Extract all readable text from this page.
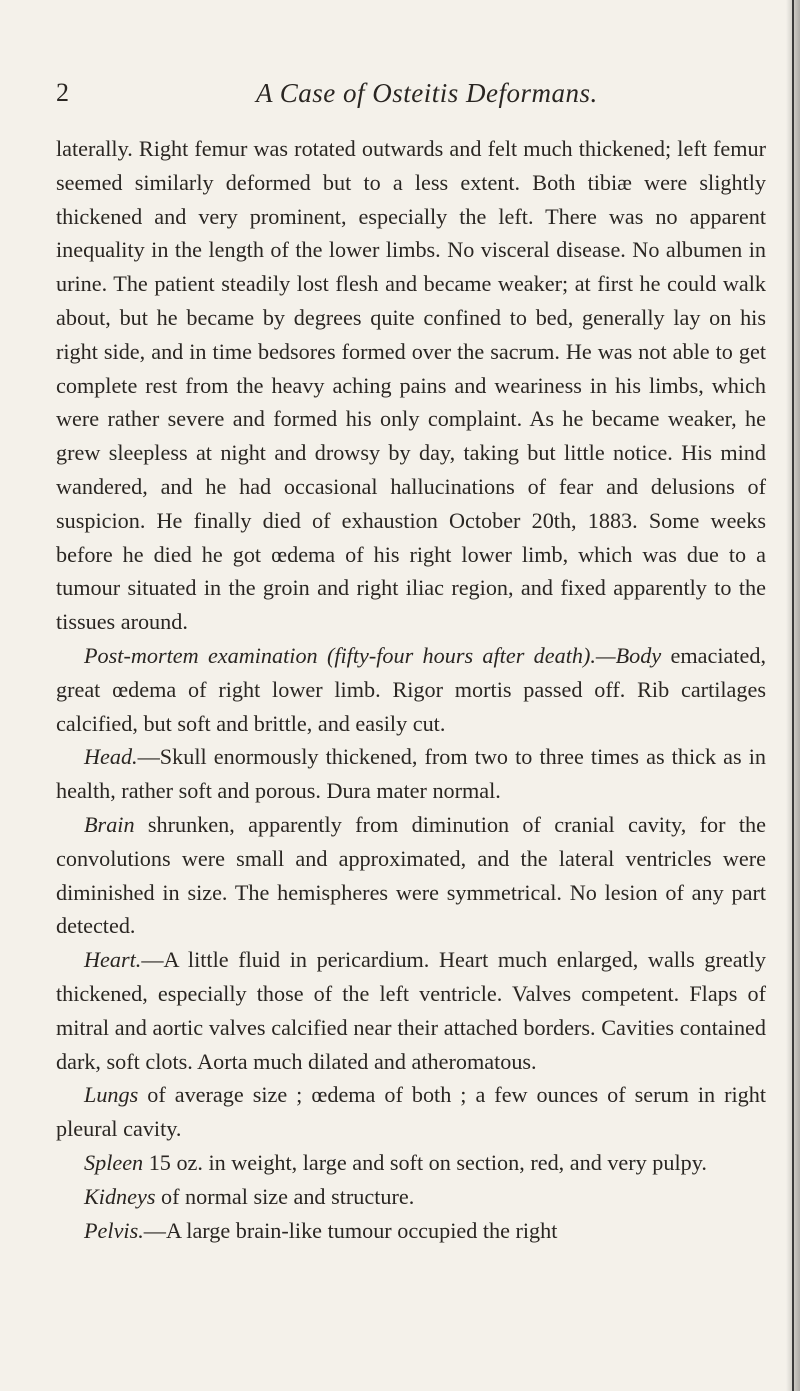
2	A Case of Osteitis Deformans.

laterally. Right femur was rotated outwards and felt much thickened; left femur seemed similarly deformed but to a less extent. Both tibiæ were slightly thickened and very prominent, especially the left. There was no apparent inequality in the length of the lower limbs. No visceral disease. No albumen in urine. The patient steadily lost flesh and became weaker; at first he could walk about, but he became by degrees quite confined to bed, generally lay on his right side, and in time bedsores formed over the sacrum. He was not able to get complete rest from the heavy aching pains and weariness in his limbs, which were rather severe and formed his only complaint. As he became weaker, he grew sleepless at night and drowsy by day, taking but little notice. His mind wandered, and he had occasional hallucinations of fear and delusions of suspicion. He finally died of exhaustion October 20th, 1883. Some weeks before he died he got œdema of his right lower limb, which was due to a tumour situated in the groin and right iliac region, and fixed apparently to the tissues around.

Post-mortem examination (fifty-four hours after death).—Body emaciated, great œdema of right lower limb. Rigor mortis passed off. Rib cartilages calcified, but soft and brittle, and easily cut.

Head.—Skull enormously thickened, from two to three times as thick as in health, rather soft and porous. Dura mater normal.

Brain shrunken, apparently from diminution of cranial cavity, for the convolutions were small and approximated, and the lateral ventricles were diminished in size. The hemispheres were symmetrical. No lesion of any part detected.

Heart.—A little fluid in pericardium. Heart much enlarged, walls greatly thickened, especially those of the left ventricle. Valves competent. Flaps of mitral and aortic valves calcified near their attached borders. Cavities contained dark, soft clots. Aorta much dilated and atheromatous.

Lungs of average size ; œdema of both ; a few ounces of serum in right pleural cavity.

Spleen 15 oz. in weight, large and soft on section, red, and very pulpy.

Kidneys of normal size and structure.

Pelvis.—A large brain-like tumour occupied the right
